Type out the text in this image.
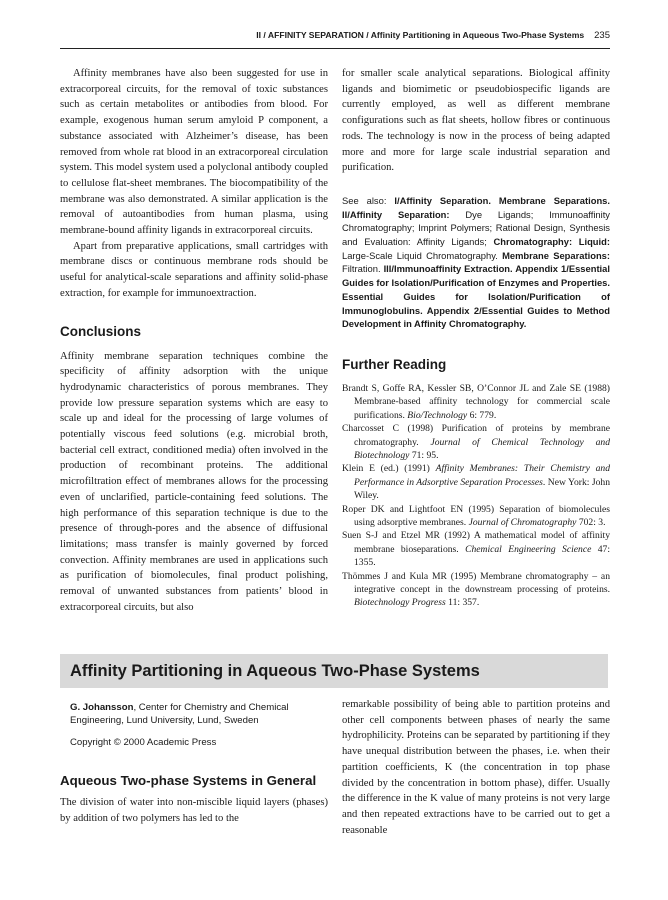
II / AFFINITY SEPARATION / Affinity Partitioning in Aqueous Two-Phase Systems 235

Affinity membranes have also been suggested for use in extracorporeal circuits, for the removal of toxic substances such as certain metabolites or antibodies from blood. For example, exogenous human serum amyloid P component, a substance associated with Alzheimer’s disease, has been removed from whole rat blood in an extracorporeal circulation system. This model system used a polyclonal antibody coupled to cellulose flat-sheet membranes. The biocompatibility of the membrane was also demonstrated. A similar application is the removal of autoantibodies from human plasma, using membrane-bound affinity ligands in extracorporeal circuits.

Apart from preparative applications, small cartridges with membrane discs or continuous membrane rods should be useful for analytical-scale separations and affinity solid-phase extraction, for example for immunoextraction.

Conclusions

Affinity membrane separation techniques combine the specificity of affinity adsorption with the unique hydrodynamic characteristics of porous membranes. They provide low pressure separation systems which are easy to scale up and ideal for the processing of large volumes of potentially viscous feed solutions (e.g. microbial broth, bacterial cell extract, conditioned media) often involved in the production of recombinant proteins. The additional microfiltration effect of membranes allows for the processing even of unclarified, particle-containing feed solutions. The high performance of this separation technique is due to the presence of through-pores and the absence of diffusional limitations; mass transfer is mainly governed by forced convection. Affinity membranes are used in applications such as purification of biomolecules, final product polishing, removal of unwanted substances from patients’ blood in extracorporeal circuits, but also

for smaller scale analytical separations. Biological affinity ligands and biomimetic or pseudobiospecific ligands are currently employed, as well as different membrane configurations such as flat sheets, hollow fibres or continuous rods. The technology is now in the process of being adapted more and more for large scale industrial separation and purification.

See also: I/Affinity Separation. Membrane Separations. II/Affinity Separation: Dye Ligands; Immunoaffinity Chromatography; Imprint Polymers; Rational Design, Synthesis and Evaluation: Affinity Ligands; Chromatography: Liquid: Large-Scale Liquid Chromatography. Membrane Separations: Filtration. III/Immunoaffinity Extraction. Appendix 1/Essential Guides for Isolation/Purification of Enzymes and Properties. Essential Guides for Isolation/Purification of Immunoglobulins. Appendix 2/Essential Guides to Method Development in Affinity Chromatography.
Further Reading
Brandt S, Goffe RA, Kessler SB, O’Connor JL and Zale SE (1988) Membrane-based affinity technology for commercial scale purifications. Bio/Technology 6: 779.
Charcosset C (1998) Purification of proteins by membrane chromatography. Journal of Chemical Technology and Biotechnology 71: 95.
Klein E (ed.) (1991) Affinity Membranes: Their Chemistry and Performance in Adsorptive Separation Processes. New York: John Wiley.
Roper DK and Lightfoot EN (1995) Separation of biomolecules using adsorptive membranes. Journal of Chromatography 702: 3.
Suen S-J and Etzel MR (1992) A mathematical model of affinity membrane bioseparations. Chemical Engineering Science 47: 1355.
Thömmes J and Kula MR (1995) Membrane chromatography – an integrative concept in the downstream processing of proteins. Biotechnology Progress 11: 357.
Affinity Partitioning in Aqueous Two-Phase Systems
G. Johansson, Center for Chemistry and Chemical Engineering, Lund University, Lund, Sweden
Copyright © 2000 Academic Press
Aqueous Two-phase Systems in General

The division of water into non-miscible liquid layers (phases) by addition of two polymers has led to the

remarkable possibility of being able to partition proteins and other cell components between phases of nearly the same hydrophilicity. Proteins can be separated by partitioning if they have unequal distribution between the phases, i.e. when their partition coefficients, K (the concentration in top phase divided by the concentration in bottom phase), differ. Usually the difference in the K value of many proteins is not very large and then repeated extractions have to be carried out to get a reasonable
